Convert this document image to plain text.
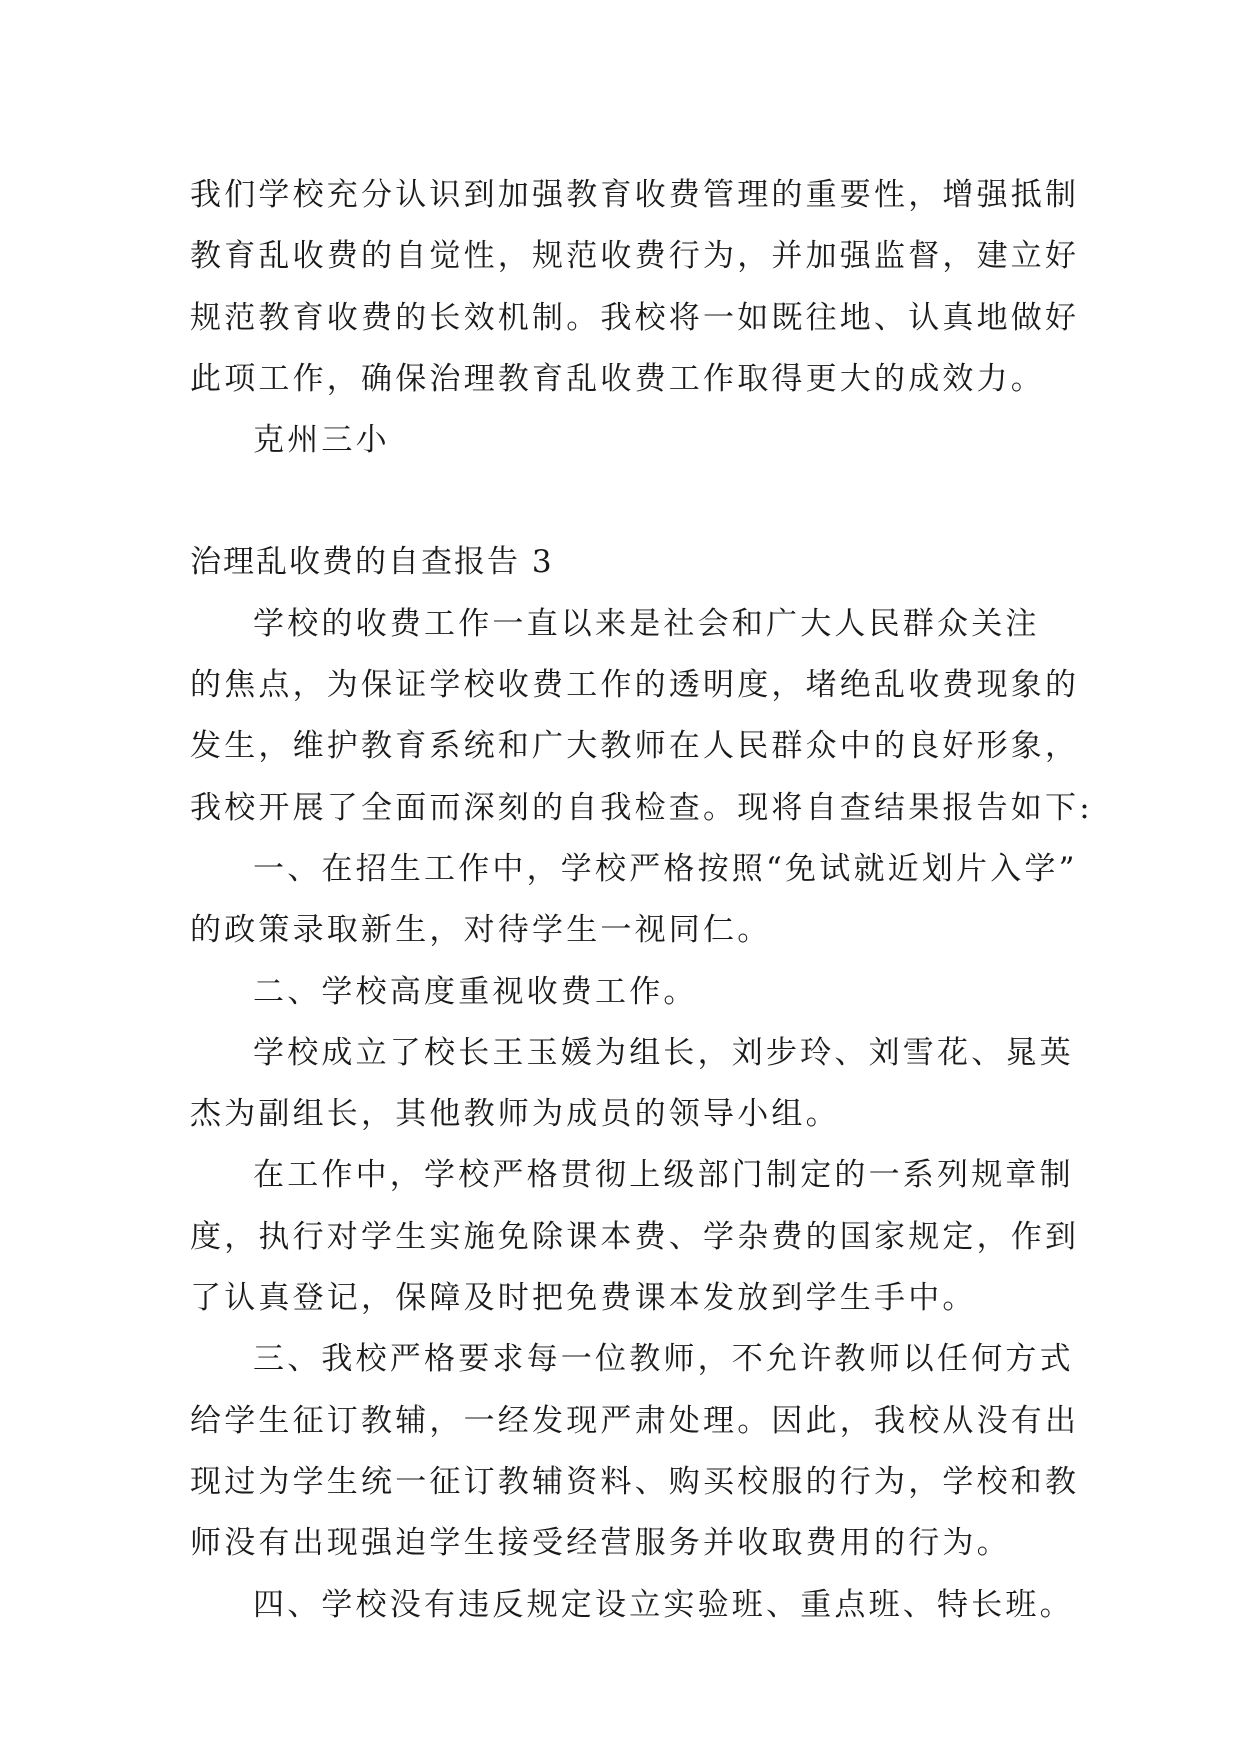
我们学校充分认识到加强教育收费管理的重要性，增强抵制
教育乱收费的自觉性，规范收费行为，并加强监督，建立好
规范教育收费的长效机制。我校将一如既往地、认真地做好
此项工作，确保治理教育乱收费工作取得更大的成效力。
克州三小
治理乱收费的自查报告 3
学校的收费工作一直以来是社会和广大人民群众关注
的焦点，为保证学校收费工作的透明度，堵绝乱收费现象的
发生，维护教育系统和广大教师在人民群众中的良好形象，
我校开展了全面而深刻的自我检查。现将自查结果报告如下:
一、在招生工作中，学校严格按照“免试就近划片入学”
的政策录取新生，对待学生一视同仁。
二、学校高度重视收费工作。
学校成立了校长王玉媛为组长，刘步玲、刘雪花、晁英
杰为副组长，其他教师为成员的领导小组。
在工作中，学校严格贯彻上级部门制定的一系列规章制
度，执行对学生实施免除课本费、学杂费的国家规定，作到
了认真登记，保障及时把免费课本发放到学生手中。
三、我校严格要求每一位教师，不允许教师以任何方式
给学生征订教辅，一经发现严肃处理。因此，我校从没有出
现过为学生统一征订教辅资料、购买校服的行为，学校和教
师没有出现强迫学生接受经营服务并收取费用的行为。
四、学校没有违反规定设立实验班、重点班、特长班。
